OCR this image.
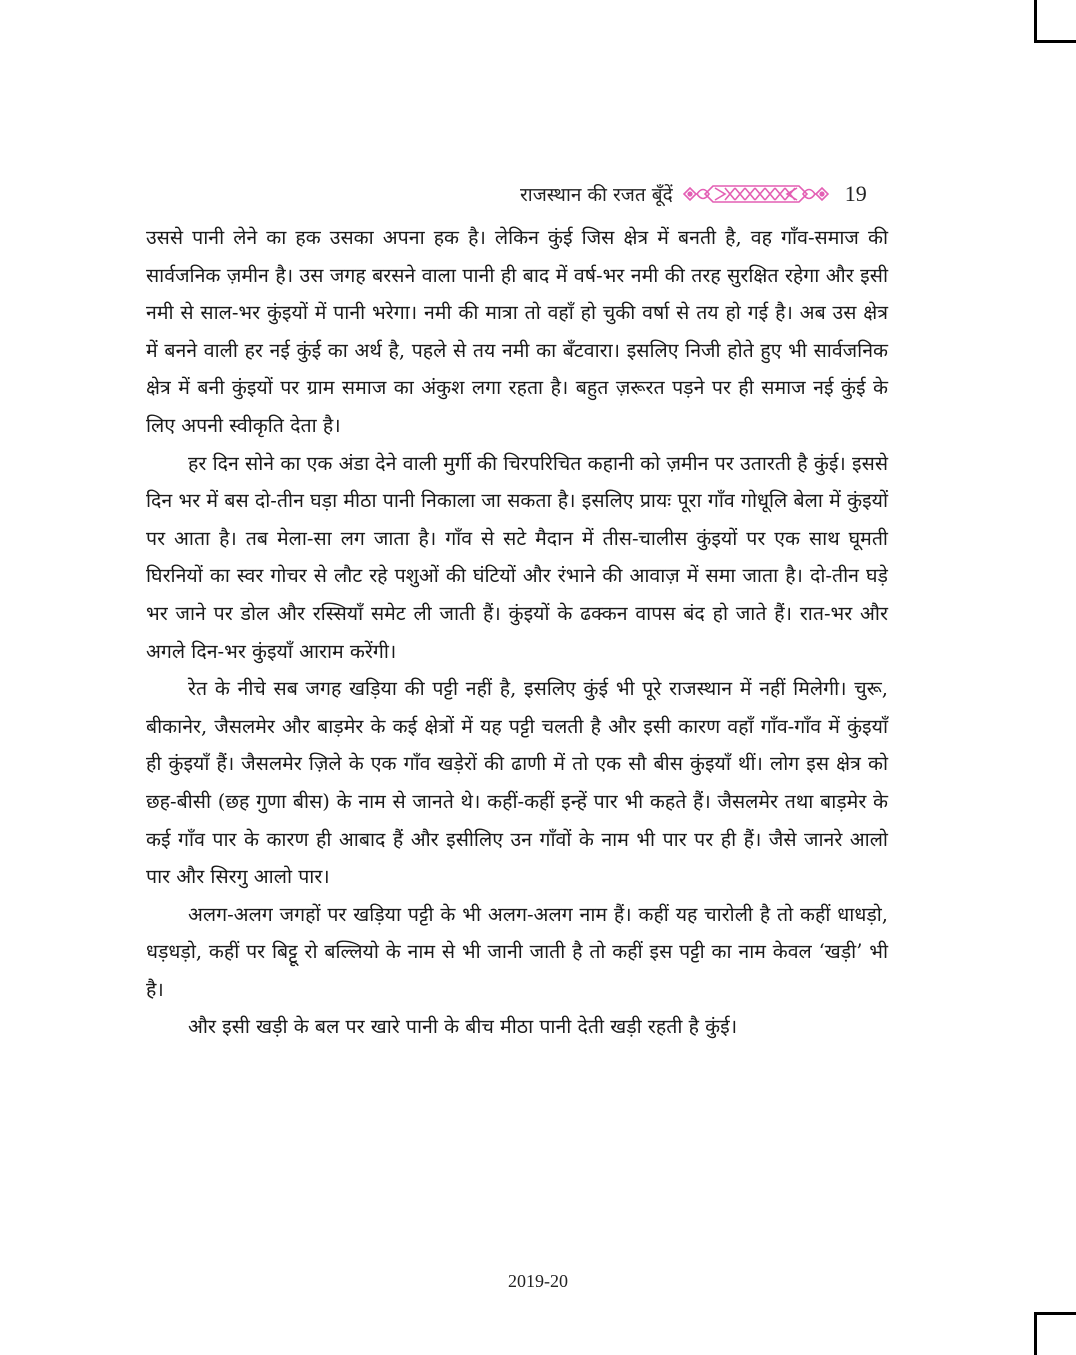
राजस्थान की रजत बूँदें	19

उससे पानी लेने का हक उसका अपना हक है। लेकिन कुंई जिस क्षेत्र में बनती है, वह गाँव-समाज की सार्वजनिक ज़मीन है। उस जगह बरसने वाला पानी ही बाद में वर्ष-भर नमी की तरह सुरक्षित रहेगा और इसी नमी से साल-भर कुंइयों में पानी भरेगा। नमी की मात्रा तो वहाँ हो चुकी वर्षा से तय हो गई है। अब उस क्षेत्र में बनने वाली हर नई कुंई का अर्थ है, पहले से तय नमी का बँटवारा। इसलिए निजी होते हुए भी सार्वजनिक क्षेत्र में बनी कुंइयों पर ग्राम समाज का अंकुश लगा रहता है। बहुत ज़रूरत पड़ने पर ही समाज नई कुंई के लिए अपनी स्वीकृति देता है।

हर दिन सोने का एक अंडा देने वाली मुर्गी की चिरपरिचित कहानी को ज़मीन पर उतारती है कुंई। इससे दिन भर में बस दो-तीन घड़ा मीठा पानी निकाला जा सकता है। इसलिए प्रायः पूरा गाँव गोधूलि बेला में कुंइयों पर आता है। तब मेला-सा लग जाता है। गाँव से सटे मैदान में तीस-चालीस कुंइयों पर एक साथ घूमती घिरनियों का स्वर गोचर से लौट रहे पशुओं की घंटियों और रंभाने की आवाज़ में समा जाता है। दो-तीन घड़े भर जाने पर डोल और रस्सियाँ समेट ली जाती हैं। कुंइयों के ढक्कन वापस बंद हो जाते हैं। रात-भर और अगले दिन-भर कुंइयाँ आराम करेंगी।

रेत के नीचे सब जगह खड़िया की पट्टी नहीं है, इसलिए कुंई भी पूरे राजस्थान में नहीं मिलेगी। चुरू, बीकानेर, जैसलमेर और बाड़मेर के कई क्षेत्रों में यह पट्टी चलती है और इसी कारण वहाँ गाँव-गाँव में कुंइयाँ ही कुंइयाँ हैं। जैसलमेर ज़िले के एक गाँव खड़ेरों की ढाणी में तो एक सौ बीस कुंइयाँ थीं। लोग इस क्षेत्र को छह-बीसी (छह गुणा बीस) के नाम से जानते थे। कहीं-कहीं इन्हें पार भी कहते हैं। जैसलमेर तथा बाड़मेर के कई गाँव पार के कारण ही आबाद हैं और इसीलिए उन गाँवों के नाम भी पार पर ही हैं। जैसे जानरे आलो पार और सिरगु आलो पार।

अलग-अलग जगहों पर खड़िया पट्टी के भी अलग-अलग नाम हैं। कहीं यह चारोली है तो कहीं धाधड़ो, धड़धड़ो, कहीं पर बिट्टू रो बल्लियो के नाम से भी जानी जाती है तो कहीं इस पट्टी का नाम केवल ‘खड़ी’ भी है।

और इसी खड़ी के बल पर खारे पानी के बीच मीठा पानी देती खड़ी रहती है कुंई।

2019-20
